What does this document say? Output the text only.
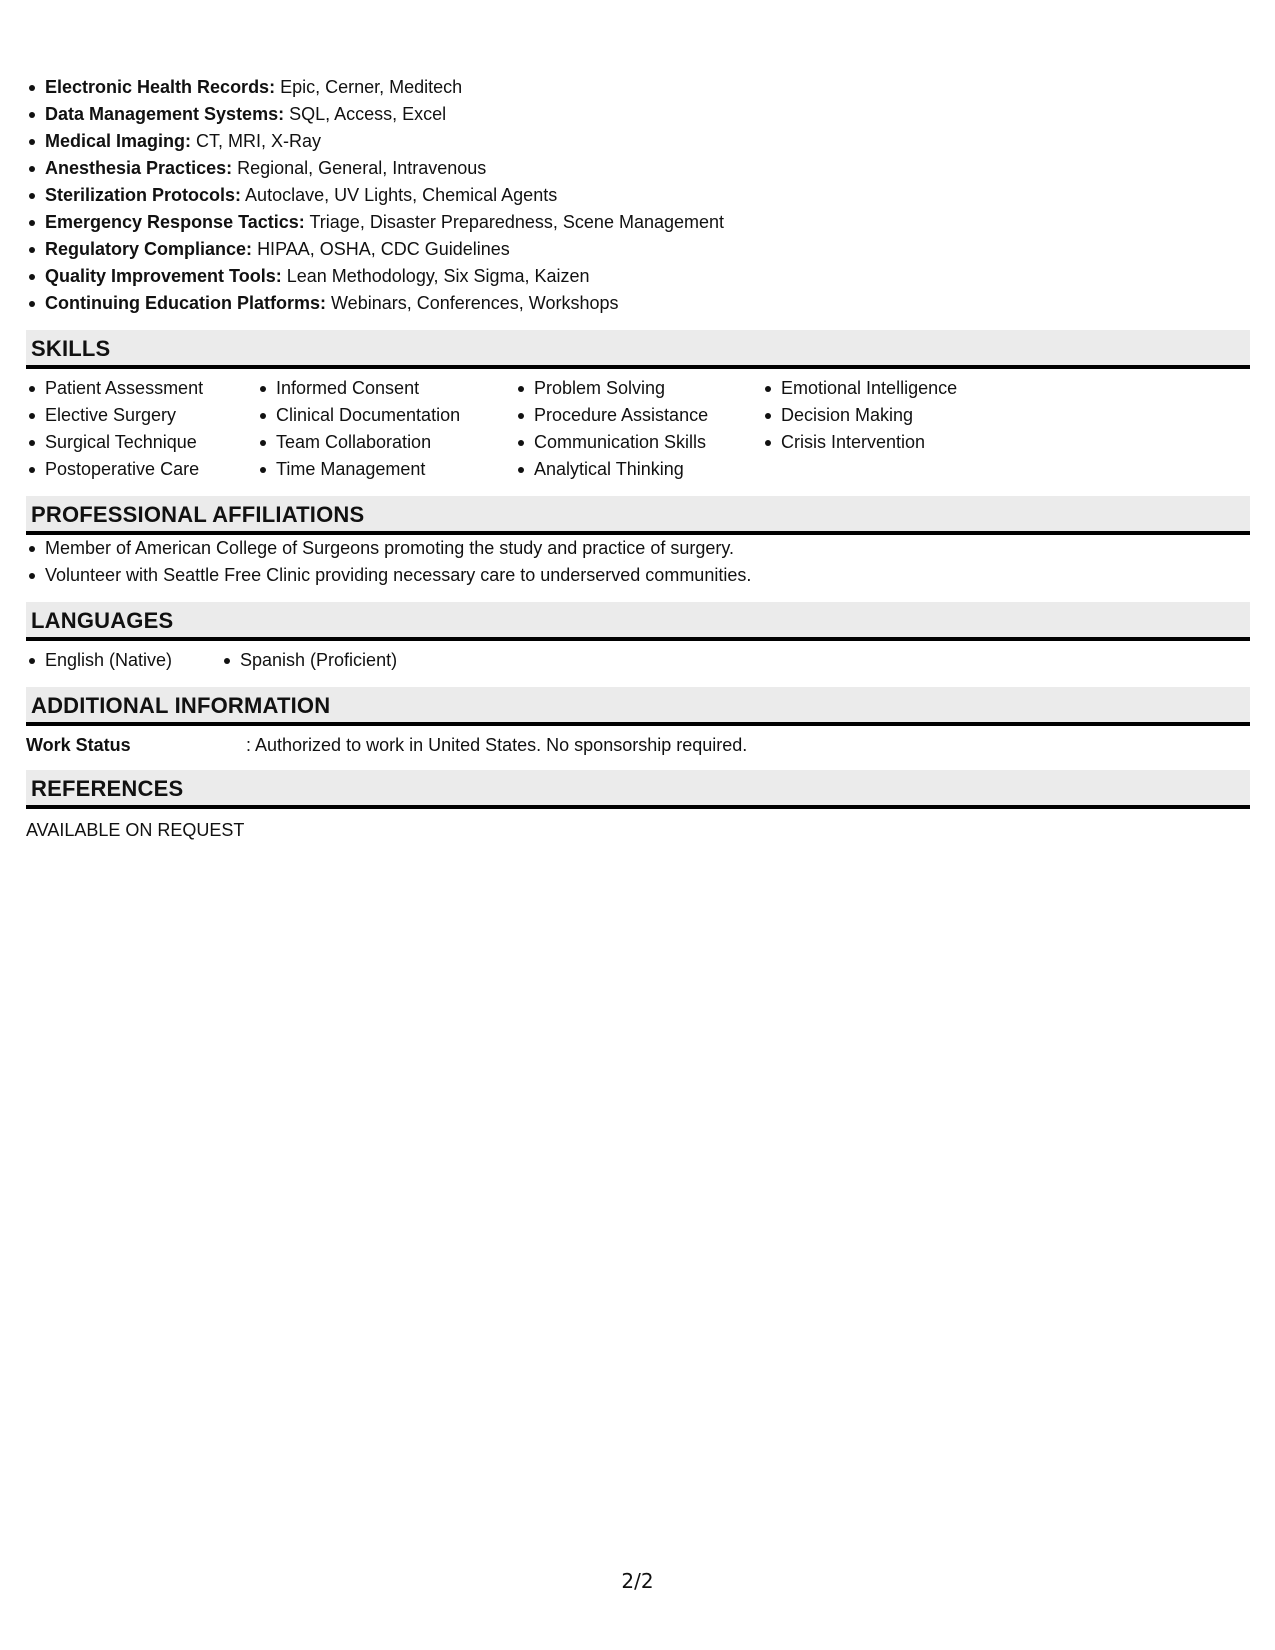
Electronic Health Records: Epic, Cerner, Meditech
Data Management Systems: SQL, Access, Excel
Medical Imaging: CT, MRI, X-Ray
Anesthesia Practices: Regional, General, Intravenous
Sterilization Protocols: Autoclave, UV Lights, Chemical Agents
Emergency Response Tactics: Triage, Disaster Preparedness, Scene Management
Regulatory Compliance: HIPAA, OSHA, CDC Guidelines
Quality Improvement Tools: Lean Methodology, Six Sigma, Kaizen
Continuing Education Platforms: Webinars, Conferences, Workshops
SKILLS
Patient Assessment
Elective Surgery
Surgical Technique
Postoperative Care
Informed Consent
Clinical Documentation
Team Collaboration
Time Management
Problem Solving
Procedure Assistance
Communication Skills
Analytical Thinking
Emotional Intelligence
Decision Making
Crisis Intervention
PROFESSIONAL AFFILIATIONS
Member of American College of Surgeons promoting the study and practice of surgery.
Volunteer with Seattle Free Clinic providing necessary care to underserved communities.
LANGUAGES
English (Native)	Spanish (Proficient)
ADDITIONAL INFORMATION
Work Status	: Authorized to work in United States. No sponsorship required.
REFERENCES
AVAILABLE ON REQUEST
2/2
